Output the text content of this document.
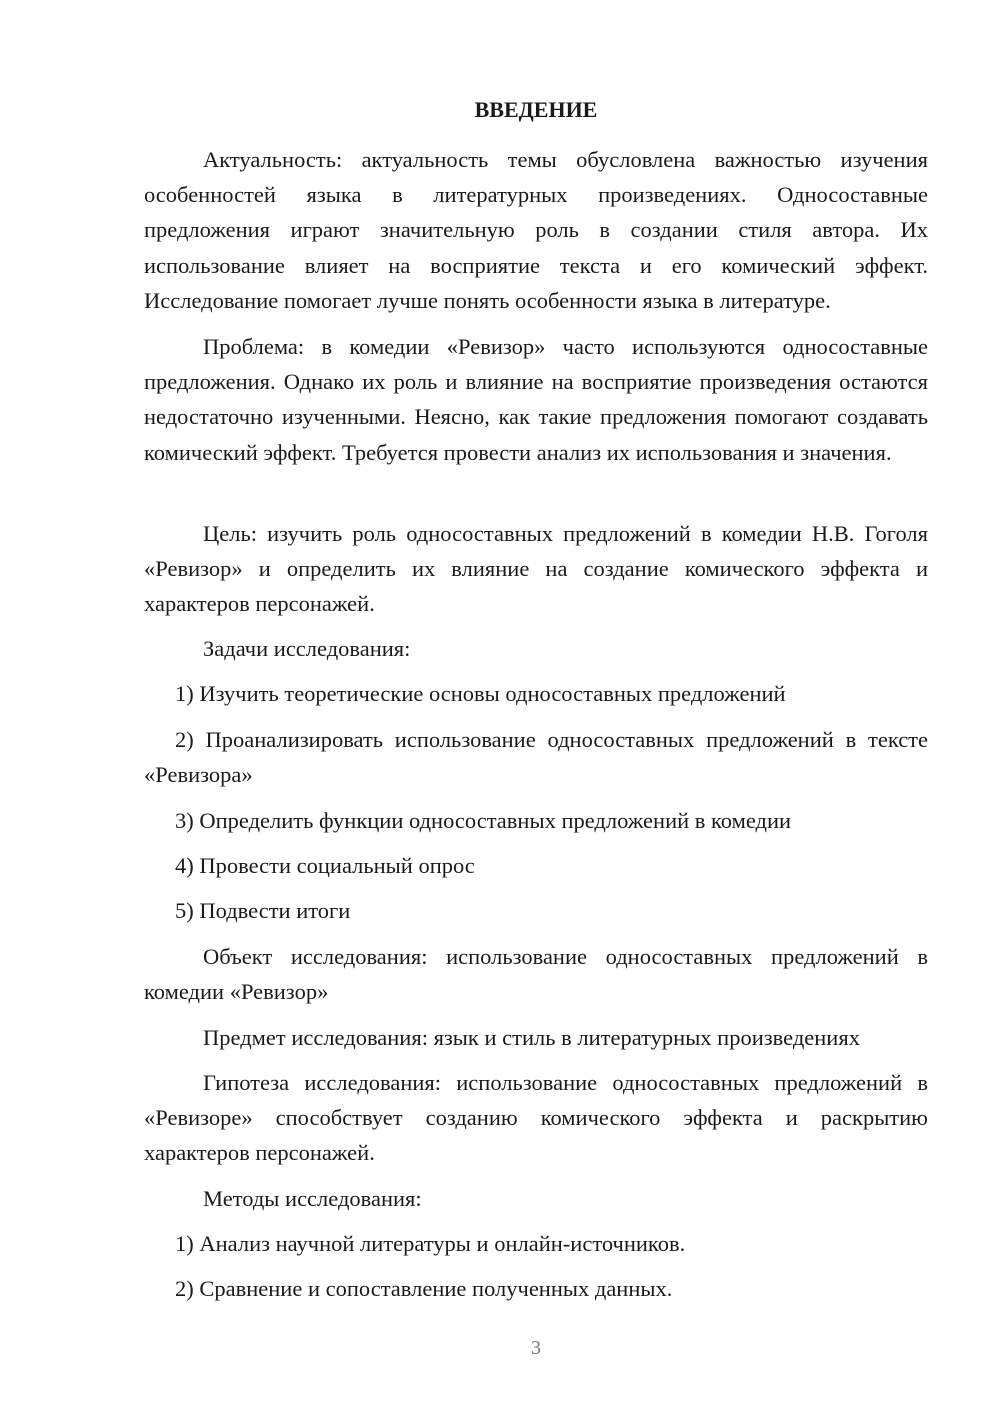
ВВЕДЕНИЕ

Актуальность: актуальность темы обусловлена важностью изучения особенностей языка в литературных произведениях. Односоставные предложения играют значительную роль в создании стиля автора. Их использование влияет на восприятие текста и его комический эффект. Исследование помогает лучше понять особенности языка в литературе.

Проблема: в комедии «Ревизор» часто используются односоставные предложения. Однако их роль и влияние на восприятие произведения остаются недостаточно изученными. Неясно, как такие предложения помогают создавать комический эффект. Требуется провести анализ их использования и значения.

Цель: изучить роль односоставных предложений в комедии Н.В. Гоголя «Ревизор» и определить их влияние на создание комического эффекта и характеров персонажей.

Задачи исследования:

1) Изучить теоретические основы односоставных предложений

2) Проанализировать использование односоставных предложений в тексте «Ревизора»

3) Определить функции односоставных предложений в комедии

4) Провести социальный опрос

5) Подвести итоги

Объект исследования: использование односоставных предложений в комедии «Ревизор»

Предмет исследования: язык и стиль в литературных произведениях

Гипотеза исследования: использование односоставных предложений в «Ревизоре» способствует созданию комического эффекта и раскрытию характеров персонажей.

Методы исследования:

1) Анализ научной литературы и онлайн-источников.

2) Сравнение и сопоставление полученных данных.

3
